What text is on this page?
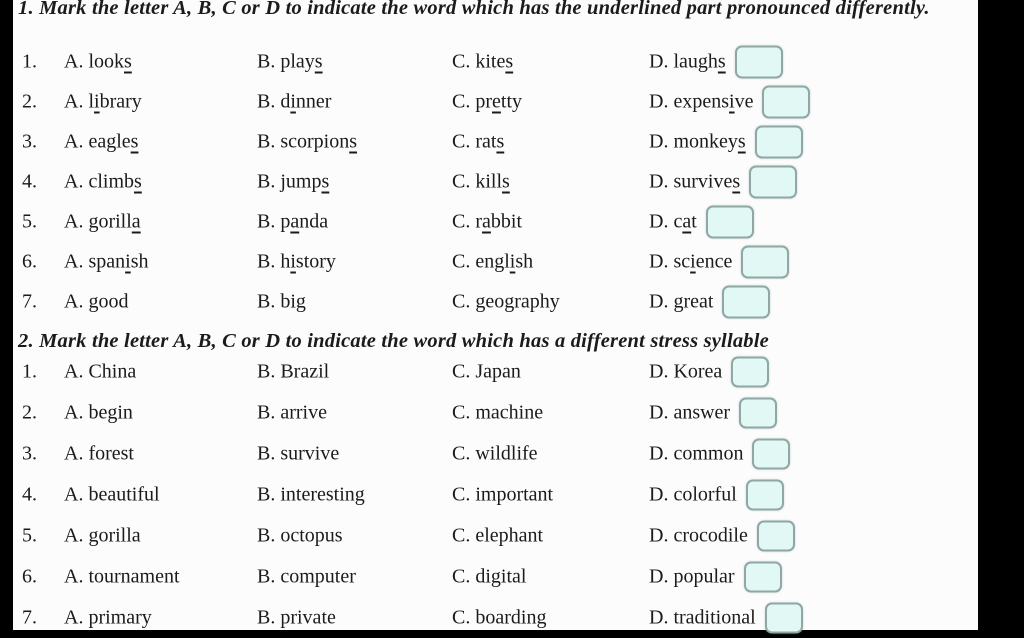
1. Mark the letter A, B, C or D to indicate the word which has the underlined part pronounced differently.
1. A. looks	B. plays	C. kites	D. laughs
2. A. library	B. dinner	C. pretty	D. expensive
3. A. eagles	B. scorpions	C. rats	D. monkeys
4. A. climbs	B. jumps	C. kills	D. survives
5. A. gorilla	B. panda	C. rabbit	D. cat
6. A. spanish	B. history	C. english	D. science
7. A. good	B. big	C. geography	D. great
2. Mark the letter A, B, C or D to indicate the word which has a different stress syllable
1. A. China	B. Brazil	C. Japan	D. Korea
2. A. begin	B. arrive	C. machine	D. answer
3. A. forest	B. survive	C. wildlife	D. common
4. A. beautiful	B. interesting	C. important	D. colorful
5. A. gorilla	B. octopus	C. elephant	D. crocodile
6. A. tournament	B. computer	C. digital	D. popular
7. A. primary	B. private	C. boarding	D. traditional
